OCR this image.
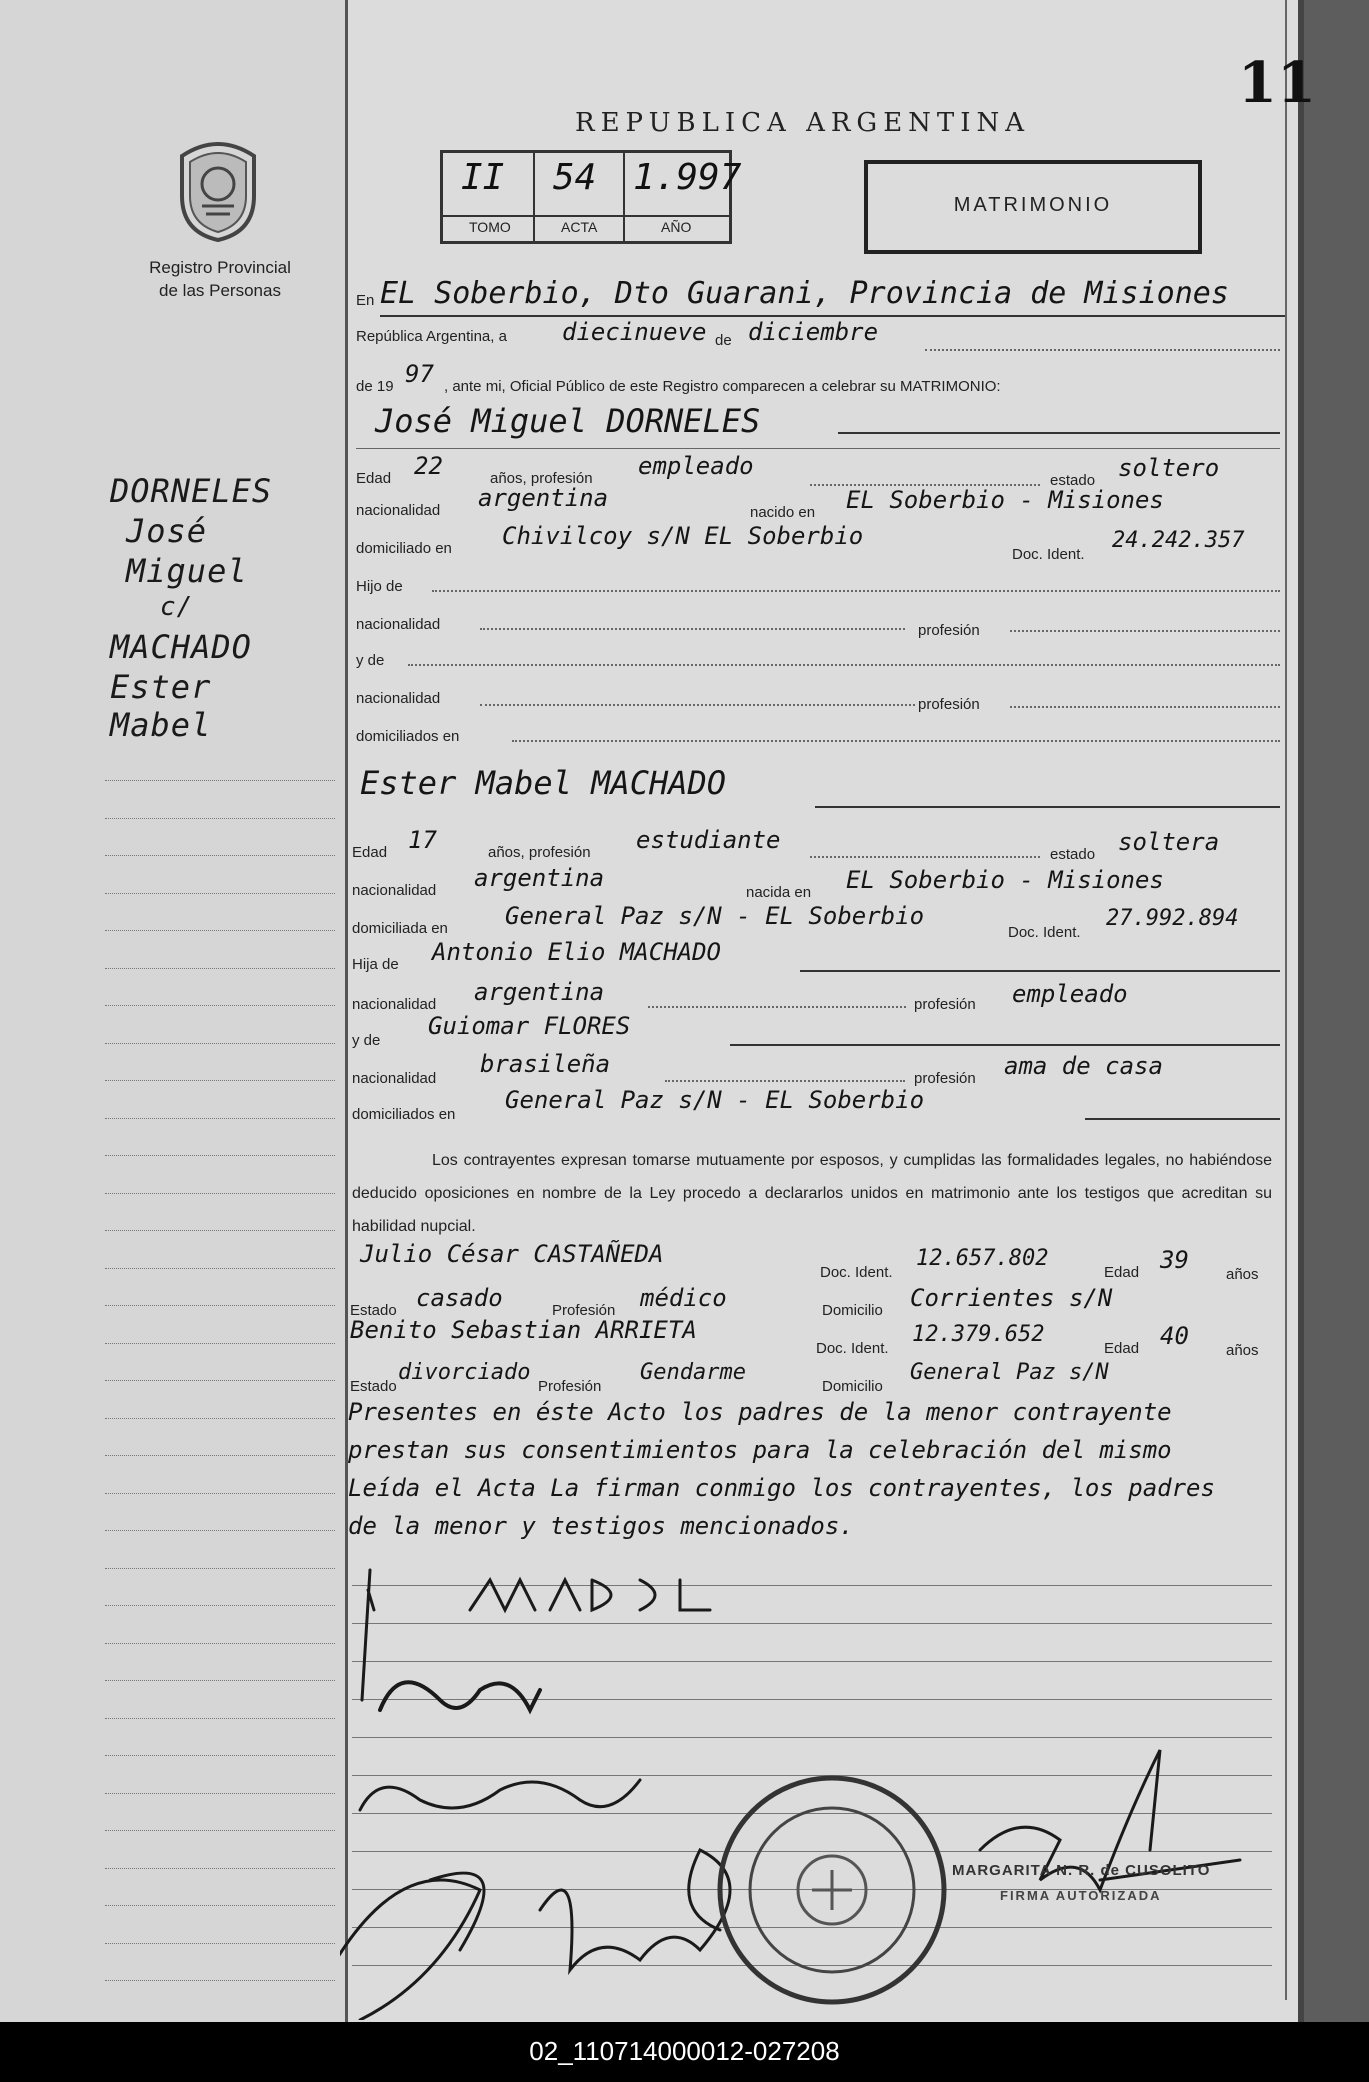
Registro Provincial
de las Personas
11
REPUBLICA ARGENTINA
II 54 1.997
TOMO	ACTA	AÑO
MATRIMONIO
DORNELES
José
Miguel
c/
MACHADO
Ester
Mabel
En EL Soberbio, Dto Guarani, Provincia de Misiones
República Argentina, a diecinueve de diciembre
de 19 97 , ante mi, Oficial Público de este Registro comparecen a celebrar su MATRIMONIO:
José Miguel DORNELES
Edad 22	años, profesión empleado
estado soltero
nacionalidad argentina
nacido en EL Soberbio - Misiones
domiciliado en Chivilcoy s/N EL Soberbio
Doc. Ident.
24.242.357
Hijo de
nacionalidad	profesión
y de
nacionalidad	profesión
domiciliados en
Ester Mabel MACHADO
Edad 17	años, profesión estudiante
estado soltera
nacionalidad argentina
nacida en EL Soberbio - Misiones
domiciliada en General Paz s/N - EL Soberbio
Doc. Ident.
27.992.894
Hija de Antonio Elio MACHADO
nacionalidad argentina	profesión empleado
y de
Guiomar FLORES
nacionalidad
brasileña
profesión ama de casa
domiciliados en
General Paz s/N - EL Soberbio
Los contrayentes expresan tomarse mutuamente por esposos, y cumplidas las formalidades legales, no habiéndose deducido oposiciones en nombre de la Ley procedo a declararlos unidos en matrimonio ante los testigos que acreditan su habilidad nupcial.
Julio César CASTAÑEDA
Doc. Ident.
12.657.802
Edad 39
años
Estado casado	Profesión médico	Domicilio Corrientes s/N
Benito Sebastian ARRIETA
Doc. Ident.
12.379.652
Edad 40
años
Estado
divorciado
Profesión
Gendarme
Domicilio
General Paz s/N
Presentes en éste Acto los padres de la menor contrayente
prestan sus consentimientos para la celebración del mismo
Leída el Acta La firman conmigo los contrayentes, los padres
de la menor y testigos mencionados.
MARGARITA N. R. de CUSOLITO
FIRMA AUTORIZADA
02_110714000012-027208
